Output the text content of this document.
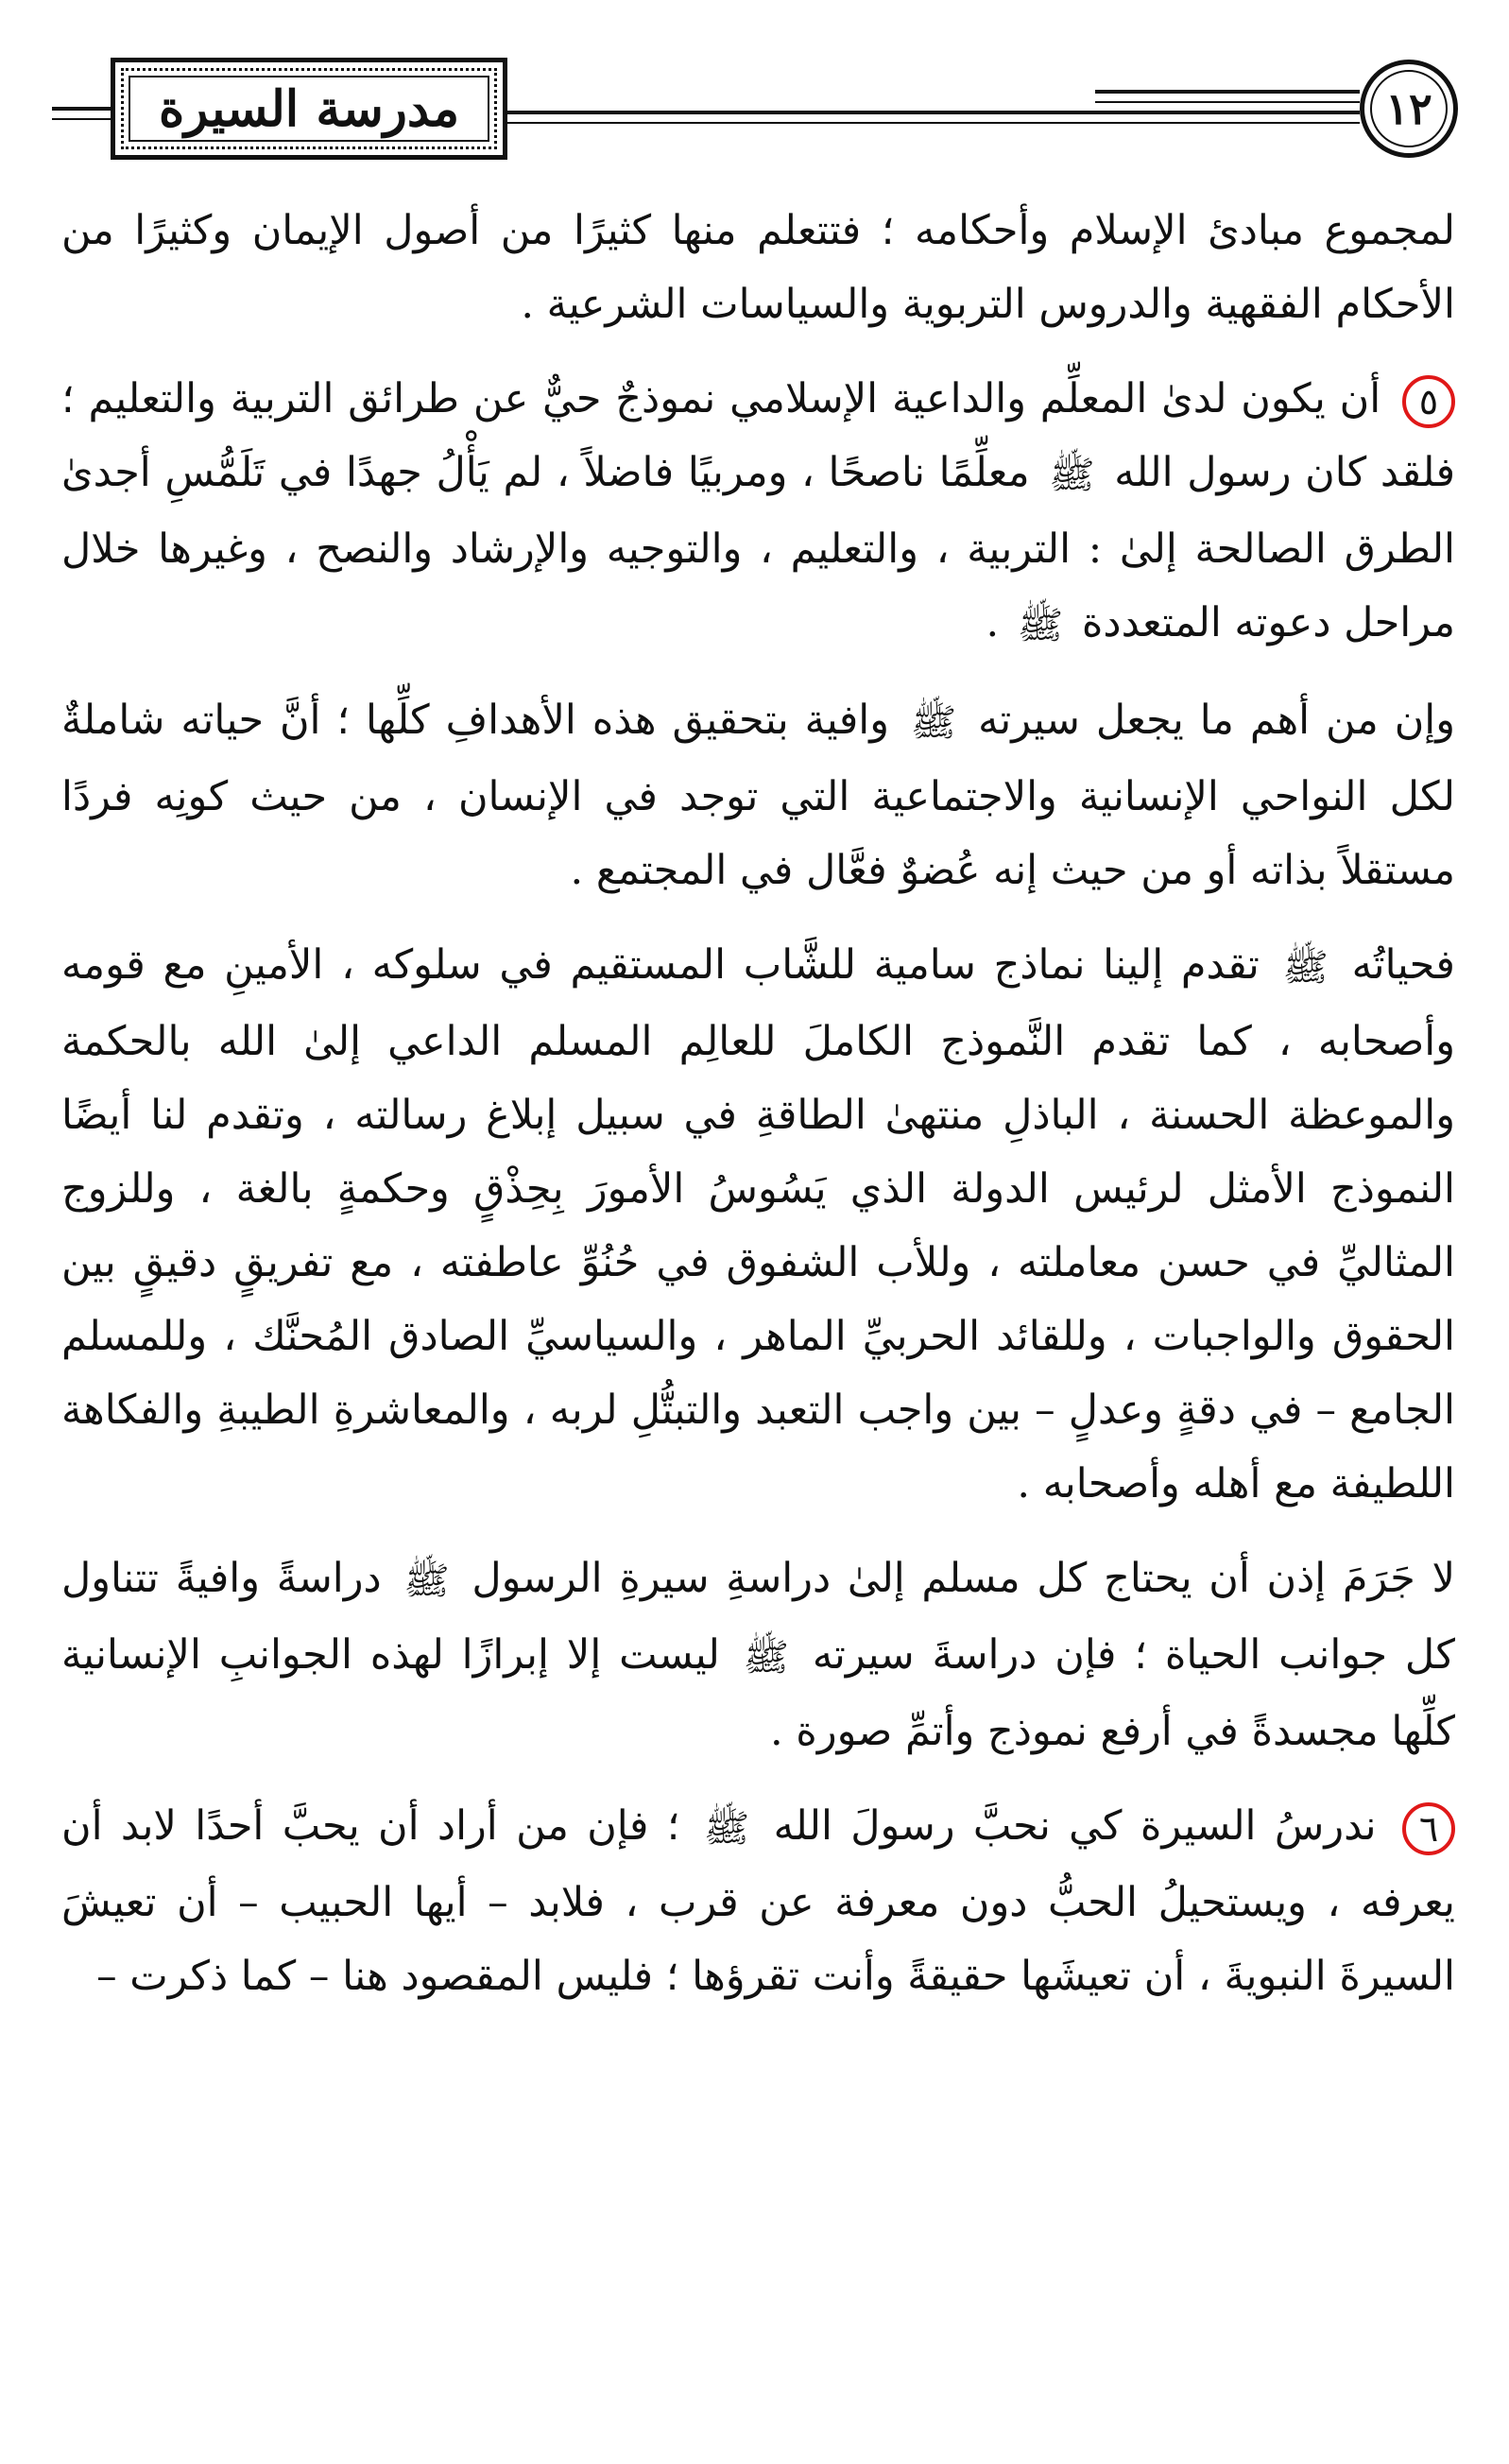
مدرسة السيرة	١٢

لمجموع مبادئ الإسلام وأحكامه ؛ فتتعلم منها كثيرًا من أصول الإيمان وكثيرًا من الأحكام الفقهية والدروس التربوية والسياسات الشرعية .

٥ أن يكون لدىٰ المعلِّم والداعية الإسلامي نموذجٌ حيٌّ عن طرائق التربية والتعليم ؛ فلقد كان رسول الله ﷺ معلِّمًا ناصحًا ، ومربيًا فاضلاً ، لم يَأْلُ جهدًا في تَلَمُّسِ أجدىٰ الطرق الصالحة إلىٰ : التربية ، والتعليم ، والتوجيه والإرشاد والنصح ، وغيرها خلال مراحل دعوته المتعددة ﷺ .

وإن من أهم ما يجعل سيرته ﷺ وافية بتحقيق هذه الأهدافِ كلِّها ؛ أنَّ حياته شاملةٌ لكل النواحي الإنسانية والاجتماعية التي توجد في الإنسان ، من حيث كونِه فردًا مستقلاً بذاته أو من حيث إنه عُضوٌ فعَّال في المجتمع .

فحياتُه ﷺ تقدم إلينا نماذج سامية للشَّاب المستقيم في سلوكه ، الأمينِ مع قومه وأصحابه ، كما تقدم النَّموذج الكاملَ للعالِم المسلم الداعي إلىٰ الله بالحكمة والموعظة الحسنة ، الباذلِ منتهىٰ الطاقةِ في سبيل إبلاغ رسالته ، وتقدم لنا أيضًا النموذج الأمثل لرئيس الدولة الذي يَسُوسُ الأمورَ بِحِذْقٍ وحكمةٍ بالغة ، وللزوج المثاليِّ في حسن معاملته ، وللأب الشفوق في حُنُوِّ عاطفته ، مع تفريقٍ دقيقٍ بين الحقوق والواجبات ، وللقائد الحربيِّ الماهر ، والسياسيِّ الصادق المُحنَّك ، وللمسلم الجامع – في دقةٍ وعدلٍ – بين واجب التعبد والتبتُّلِ لربه ، والمعاشرةِ الطيبةِ والفكاهة اللطيفة مع أهله وأصحابه .

لا جَرَمَ إذن أن يحتاج كل مسلم إلىٰ دراسةِ سيرةِ الرسول ﷺ دراسةً وافيةً تتناول كل جوانب الحياة ؛ فإن دراسةَ سيرته ﷺ ليست إلا إبرازًا لهذه الجوانبِ الإنسانية كلِّها مجسدةً في أرفع نموذج وأتمِّ صورة .

٦ ندرسُ السيرة كي نحبَّ رسولَ الله ﷺ ؛ فإن من أراد أن يحبَّ أحدًا لابد أن يعرفه ، ويستحيلُ الحبُّ دون معرفة عن قرب ، فلابد – أيها الحبيب – أن تعيشَ السيرةَ النبويةَ ، أن تعيشَها حقيقةً وأنت تقرؤها ؛ فليس المقصود هنا – كما ذكرت –
